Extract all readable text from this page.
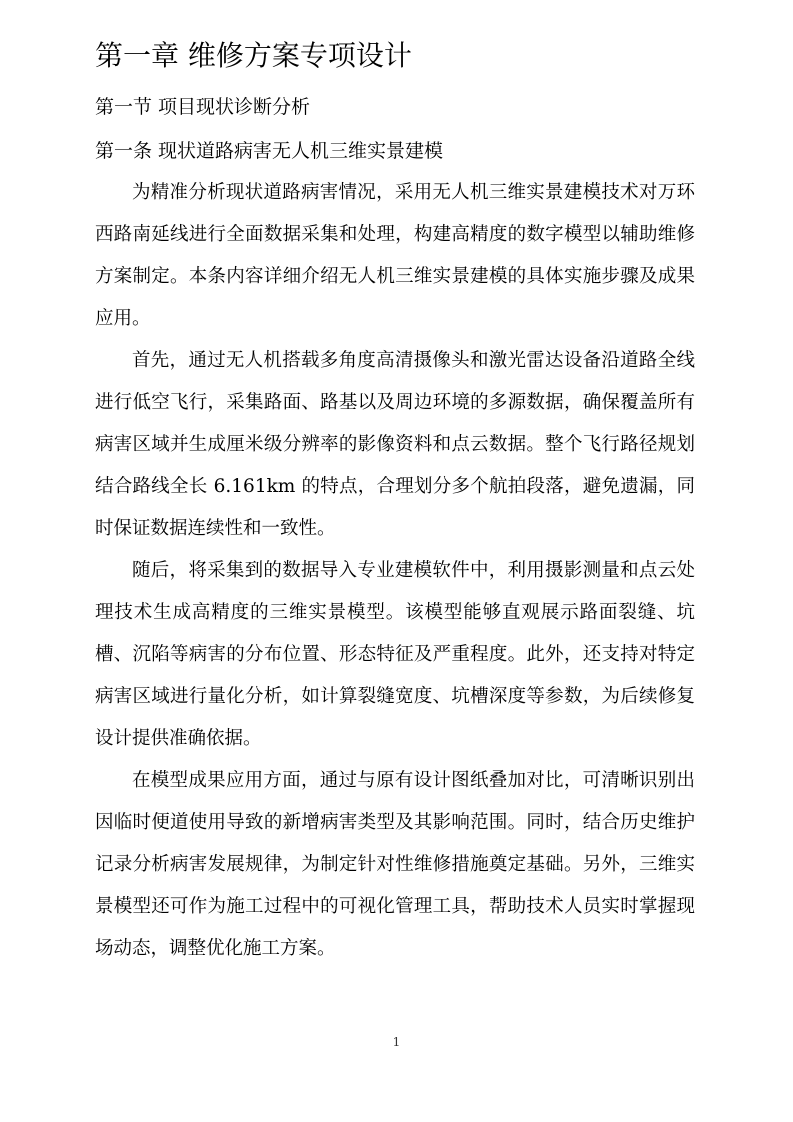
第一章 维修方案专项设计
第一节 项目现状诊断分析
第一条 现状道路病害无人机三维实景建模

为精准分析现状道路病害情况，采用无人机三维实景建模技术对万环西路南延线进行全面数据采集和处理，构建高精度的数字模型以辅助维修方案制定。本条内容详细介绍无人机三维实景建模的具体实施步骤及成果应用。

首先，通过无人机搭载多角度高清摄像头和激光雷达设备沿道路全线进行低空飞行，采集路面、路基以及周边环境的多源数据，确保覆盖所有病害区域并生成厘米级分辨率的影像资料和点云数据。整个飞行路径规划结合路线全长 6.161km 的特点，合理划分多个航拍段落，避免遗漏，同时保证数据连续性和一致性。

随后，将采集到的数据导入专业建模软件中，利用摄影测量和点云处理技术生成高精度的三维实景模型。该模型能够直观展示路面裂缝、坑槽、沉陷等病害的分布位置、形态特征及严重程度。此外，还支持对特定病害区域进行量化分析，如计算裂缝宽度、坑槽深度等参数，为后续修复设计提供准确依据。

在模型成果应用方面，通过与原有设计图纸叠加对比，可清晰识别出因临时便道使用导致的新增病害类型及其影响范围。同时，结合历史维护记录分析病害发展规律，为制定针对性维修措施奠定基础。另外，三维实景模型还可作为施工过程中的可视化管理工具，帮助技术人员实时掌握现场动态，调整优化施工方案。

1
